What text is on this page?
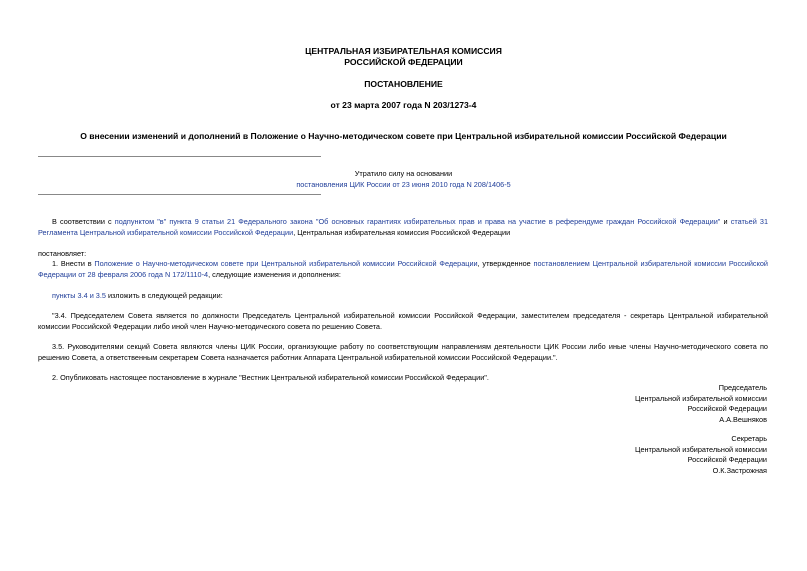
ЦЕНТРАЛЬНАЯ ИЗБИРАТЕЛЬНАЯ КОМИССИЯ
РОССИЙСКОЙ ФЕДЕРАЦИИ
ПОСТАНОВЛЕНИЕ
от 23 марта 2007 года N 203/1273-4
О внесении изменений и дополнений в Положение о Научно-методическом совете при Центральной избирательной комиссии Российской Федерации
Утратило силу на основании
постановления ЦИК России от 23 июня 2010 года N 208/1406-5
В соответствии с подпунктом "в" пункта 9 статьи 21 Федерального закона "Об основных гарантиях избирательных прав и права на участие в референдуме граждан Российской Федерации" и статьей 31 Регламента Центральной избирательной комиссии Российской Федерации, Центральная избирательная комиссия Российской Федерации
постановляет:
1. Внести в Положение о Научно-методическом совете при Центральной избирательной комиссии Российской Федерации, утвержденное постановлением Центральной избирательной комиссии Российской Федерации от 28 февраля 2006 года N 172/1110-4, следующие изменения и дополнения:
пункты 3.4 и 3.5 изложить в следующей редакции:
"3.4. Председателем Совета является по должности Председатель Центральной избирательной комиссии Российской Федерации, заместителем председателя - секретарь Центральной избирательной комиссии Российской Федерации либо иной член Научно-методического совета по решению Совета.
3.5. Руководителями секций Совета являются члены ЦИК России, организующие работу по соответствующим направлениям деятельности ЦИК России либо иные члены Научно-методического совета по решению Совета, а ответственным секретарем Совета назначается работник Аппарата Центральной избирательной комиссии Российской Федерации.".
2. Опубликовать настоящее постановление в журнале "Вестник Центральной избирательной комиссии Российской Федерации".
Председатель
Центральной избирательной комиссии
Российской Федерации
А.А.Вешняков
Секретарь
Центральной избирательной комиссии
Российской Федерации
О.К.Застрожная
